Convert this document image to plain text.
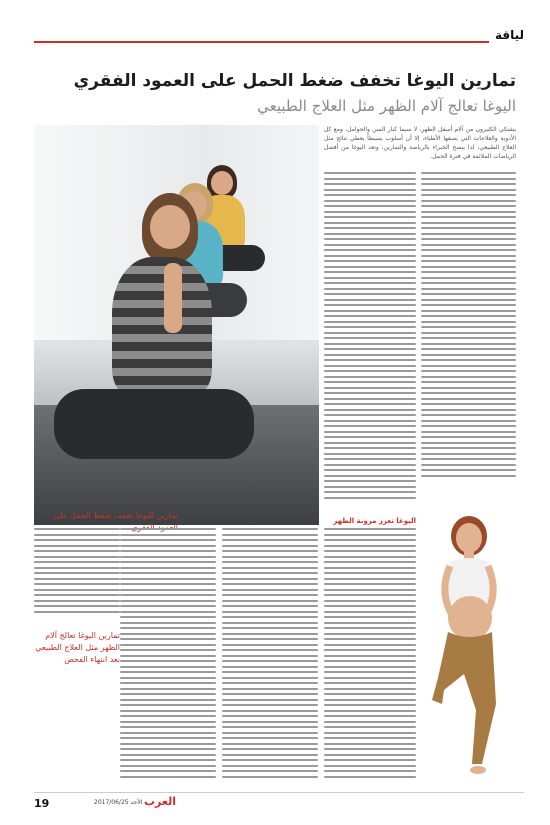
لياقة
تمارين اليوغا تخفف ضغط الحمل على العمود الفقري
اليوغا تعالج آلام الظهر مثل العلاج الطبيعي
تمارين اليوغا تخفف ضغط الحمل على

يشتكي الكثيرون من آلام أسفل الظهر، لا سيما كبار السن والحوامل، ومع كل الأدوية والعلاجات التي يصفها الأطباء، إلا أن أسلوب بسيطاً يعطي نتائج مثل العلاج الطبيعي، لذا ينصح الخبراء بالرياضة والتمارين، وتعد اليوغا من أفضل الرياضات الملائمة في فترة الحمل.

اليوغا تعزز مرونة الظهر
تمارين اليوغا تعالج آلام الظهر مثل العلاج الطبيعي بعد انتهاء الفحص
19	الأحد 2017/06/25 العرب
